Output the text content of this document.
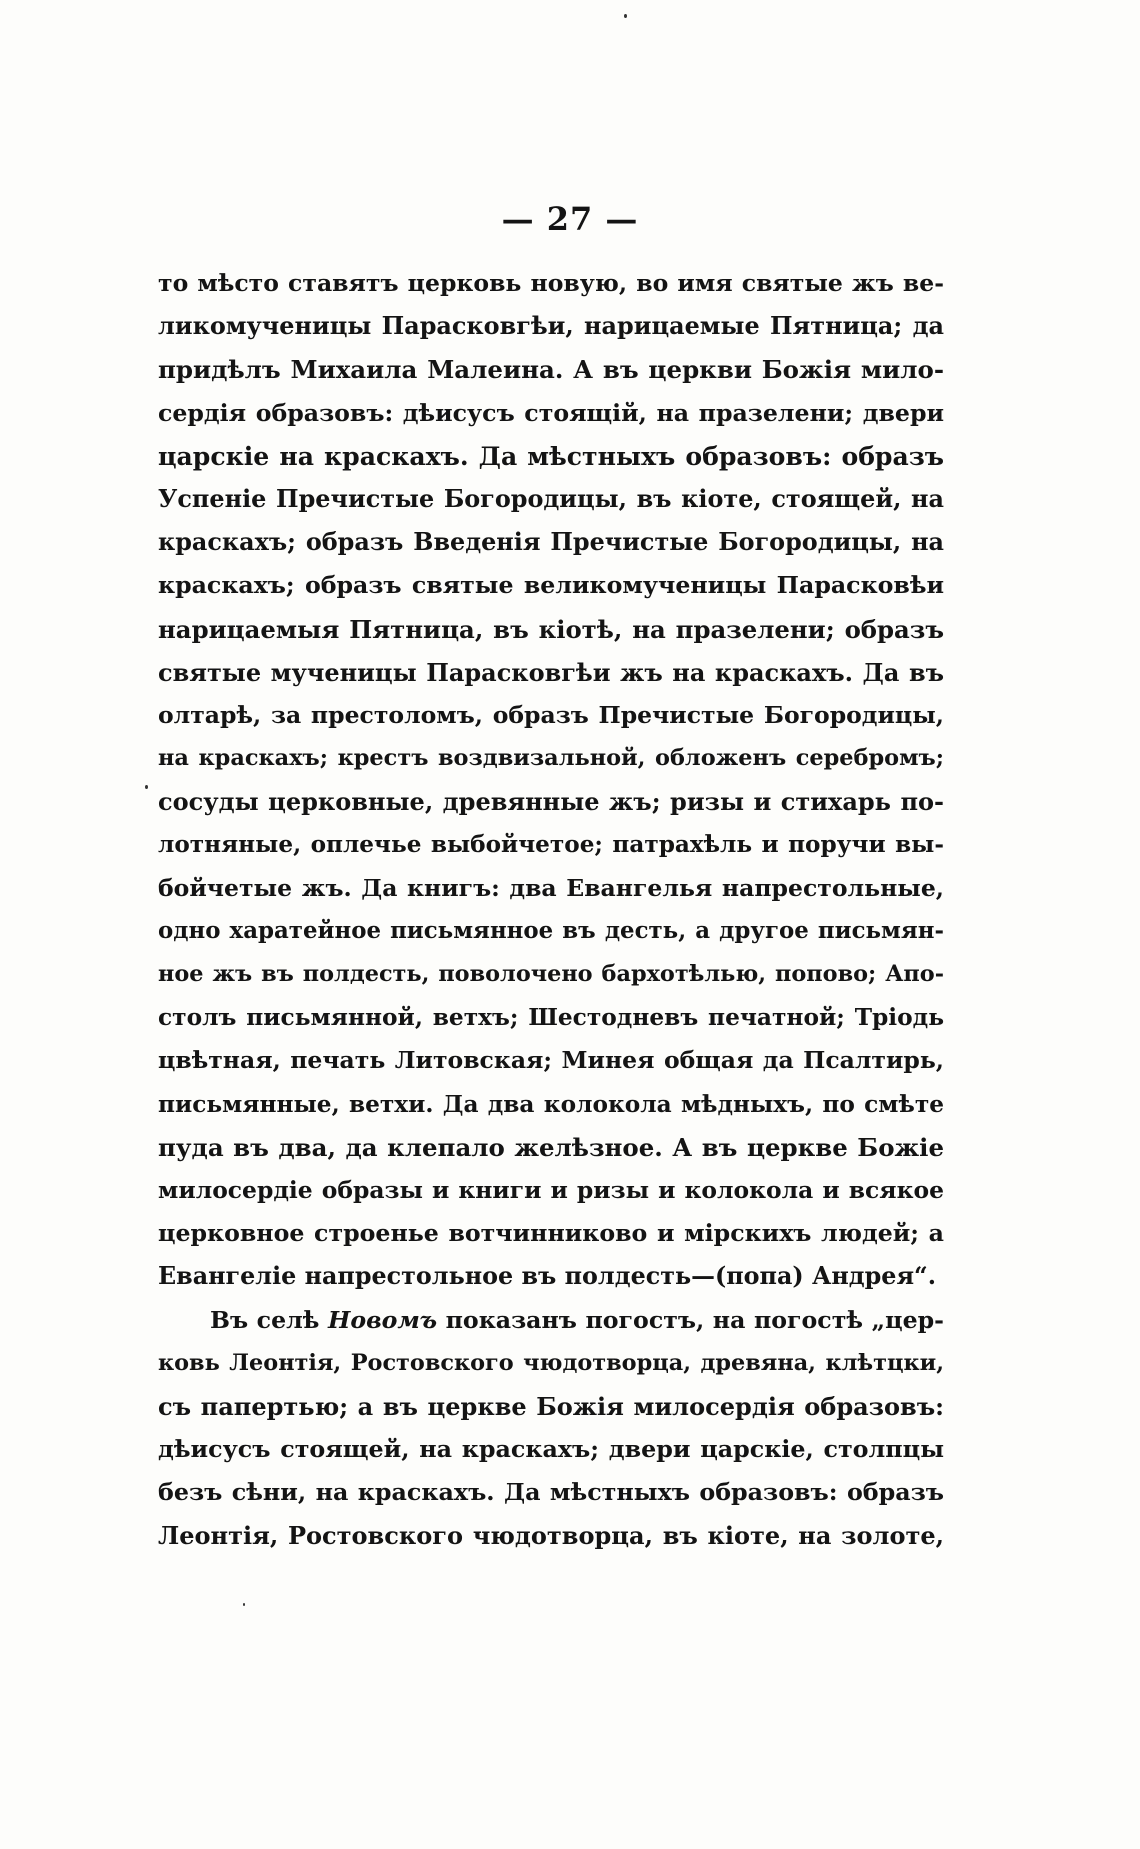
— 27 —
то мѣсто ставятъ церковь новую, во имя святые жъ ве-
ликомученицы Парасковгѣи, нарицаемые Пятница; да
придѣлъ Михаила Малеина. А въ церкви Божія мило-
сердія образовъ: дѣисусъ стоящій, на празелени; двери
царскіе на краскахъ. Да мѣстныхъ образовъ: образъ
Успеніе Пречистые Богородицы, въ кіоте, стоящей, на
краскахъ; образъ Введенія Пречистые Богородицы, на
краскахъ; образъ святые великомученицы Парасковѣи
нарицаемыя Пятница, въ кіотѣ, на празелени; образъ
святые мученицы Парасковгѣи жъ на краскахъ. Да въ
олтарѣ, за престоломъ, образъ Пречистые Богородицы,
на краскахъ; крестъ воздвизальной, обложенъ серебромъ;
сосуды церковные, древянные жъ; ризы и стихарь по-
лотняные, оплечье выбойчетое; патрахѣль и поручи вы-
бойчетые жъ. Да книгъ: два Евангелья напрестольные,
одно харатейное письмянное въ десть, а другое письмян-
ное жъ въ полдесть, поволочено бархотѣлью, попово; Апо-
столъ письмянной, ветхъ; Шестодневъ печатной; Тріодь
цвѣтная, печать Литовская; Минея общая да Псалтирь,
письмянные, ветхи. Да два колокола мѣдныхъ, по смѣте
пуда въ два, да клепало желѣзное. А въ церкве Божіе
милосердіе образы и книги и ризы и колокола и всякое
церковное строенье вотчинниково и мірскихъ людей; а
Евангеліе напрестольное въ полдесть—(попа) Андрея“.
Въ селѣ Новомъ показанъ погостъ, на погостѣ „цер-
ковь Леонтія, Ростовского чюдотворца, древяна, клѣтцки,
съ папертью; а въ церкве Божія милосердія образовъ:
дѣисусъ стоящей, на краскахъ; двери царскіе, столпцы
безъ сѣни, на краскахъ. Да мѣстныхъ образовъ: образъ
Леонтія, Ростовского чюдотворца, въ кіоте, на золоте,
